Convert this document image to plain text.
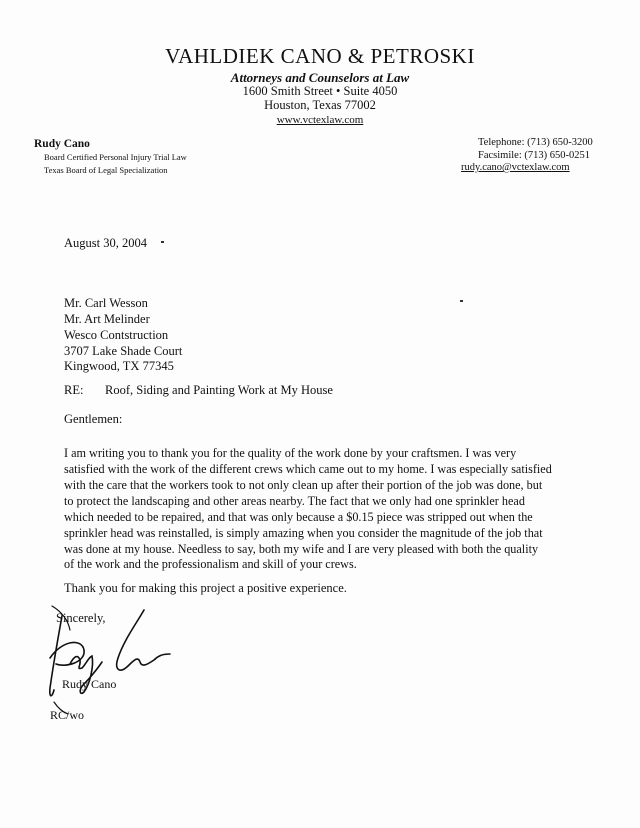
VAHLDIEK CANO & PETROSKI
Attorneys and Counselors at Law
1600 Smith Street • Suite 4050
Houston, Texas 77002
www.vctexlaw.com
Rudy Cano
Board Certified Personal Injury Trial Law
Texas Board of Legal Specialization
Telephone: (713) 650-3200
Facsimile: (713) 650-0251
rudy.cano@vctexlaw.com
August 30, 2004
Mr. Carl Wesson
Mr. Art Melinder
Wesco Contstruction
3707 Lake Shade Court
Kingwood, TX 77345
RE: Roof, Siding and Painting Work at My House
Gentlemen:
I am writing you to thank you for the quality of the work done by your craftsmen. I was very
satisfied with the work of the different crews which came out to my home. I was especially satisfied
with the care that the workers took to not only clean up after their portion of the job was done, but
to protect the landscaping and other areas nearby. The fact that we only had one sprinkler head
which needed to be repaired, and that was only because a $0.15 piece was stripped out when the
sprinkler head was reinstalled, is simply amazing when you consider the magnitude of the job that
was done at my house. Needless to say, both my wife and I are very pleased with both the quality
of the work and the professionalism and skill of your crews.
Thank you for making this project a positive experience.
Sincerely,
Rudy Cano
RC/wo
